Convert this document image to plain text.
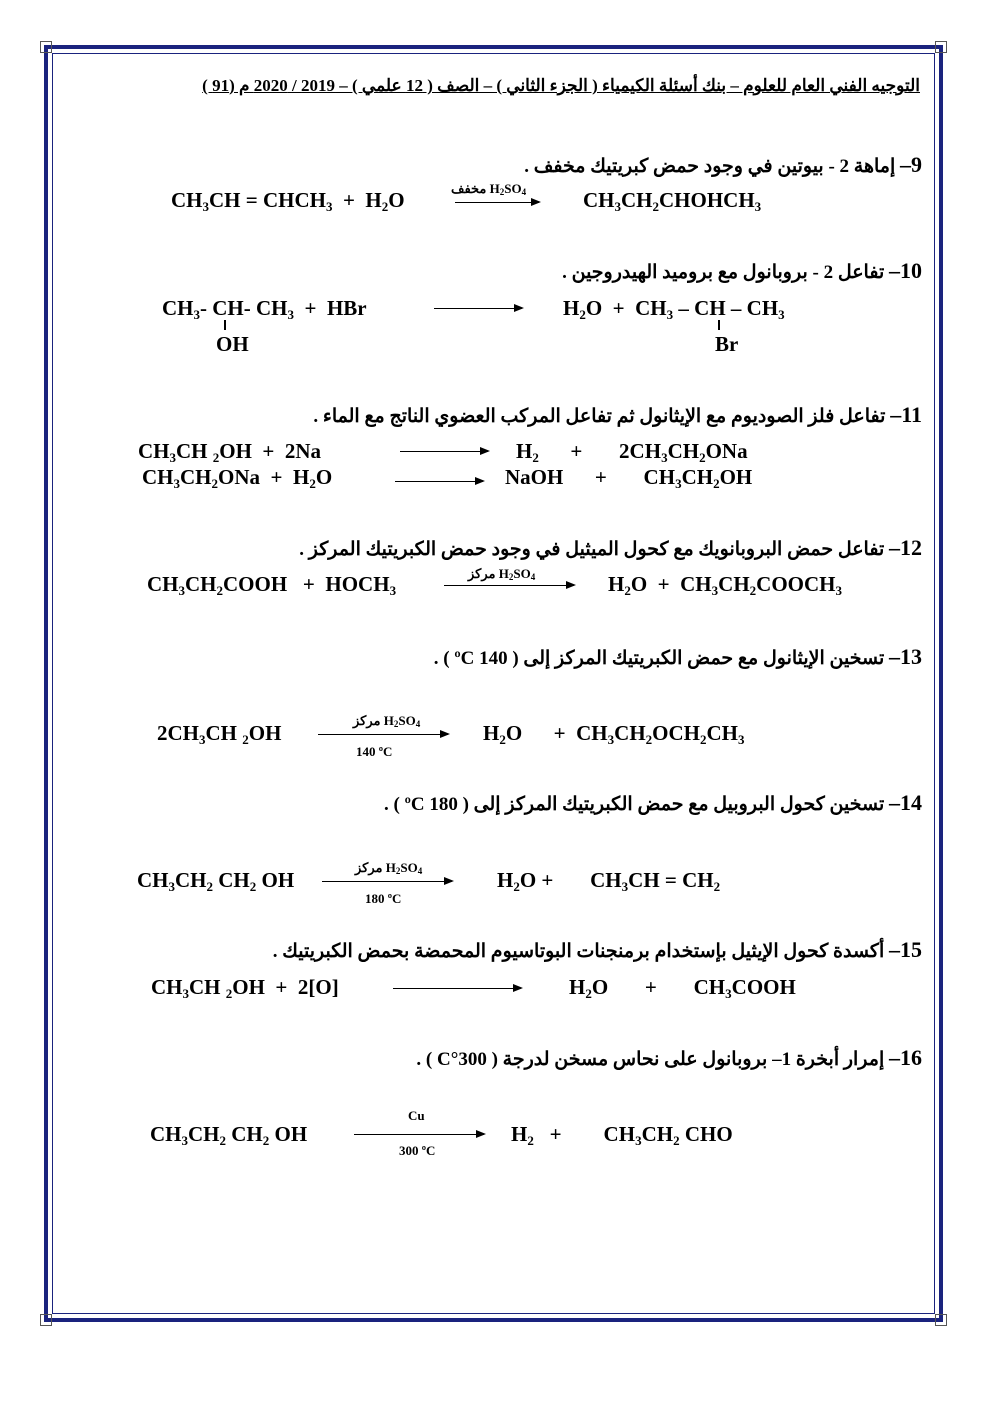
التوجيه الفني العام للعلوم – بنك أسئلة الكيمياء ( الجزء الثاني ) – الصف ( 12 علمي ) – 2019 / 2020 م (91 )
9– إماهة 2 - بيوتين في وجود حمض كبريتيك مخفف .
$CH_3CH$ = $CHCH_3 + H_2O$	مخفف $H_2SO_4$	$CH_3CH_2CHOHCH_3$
10– تفاعل 2 - بروبانول مع بروميد الهيدروجين .
$CH_3-$ CH- $CH_3$  +  HBr
OH
$H_2O + CH_3$ – CH – $CH_3$
Br
11– تفاعل فلز الصوديوم مع الإيثانول ثم تفاعل المركب العضوي الناتج مع الماء .
$CH_3CH$ $_2$OH  +  2Na	$H_2$      +       $2CH_3CH_2ONa$
$CH_3CH_2ONa + H_2O$	NaOH      +       $CH_3CH_2OH$
12– تفاعل حمض البروبانويك مع كحول الميثيل في وجود حمض الكبريتيك المركز .
$CH_3CH_2COOH$   +  $HOCH_3$
مركز $H_2SO_4$	$H_2O$  +  $CH_3CH_2COOCH_3$
13– تسخين الإيثانول مع حمض الكبريتيك المركز إلى ( 140 ºC ) .
$2CH_3CH$ $_2$OH
مركز $H_2SO_4$
140 ºC
$H_2O$      +  $CH_3CH_2OCH_2CH_3$
14– تسخين كحول البروبيل مع حمض الكبريتيك المركز إلى ( 180 ºC ) .
$CH_3CH_2$ $CH_2$ OH
مركز $H_2SO_4$
180 ºC
$H_2O$ +       $CH_3CH = CH_2$
15– أكسدة كحول الإيثيل بإستخدام برمنجنات البوتاسيوم المحمضة بحمض الكبريتيك .
$CH_3CH$ $_2$OH  +  2[O]	$H_2O$       +       $CH_3COOH$
16– إمرار أبخرة 1– بروبانول على نحاس مسخن لدرجة ( 300°C ) .
$CH_3CH_2$ $CH_2$ OH
Cu
300 ºC
$H_2$   +        $CH_3CH_2$ CHO
